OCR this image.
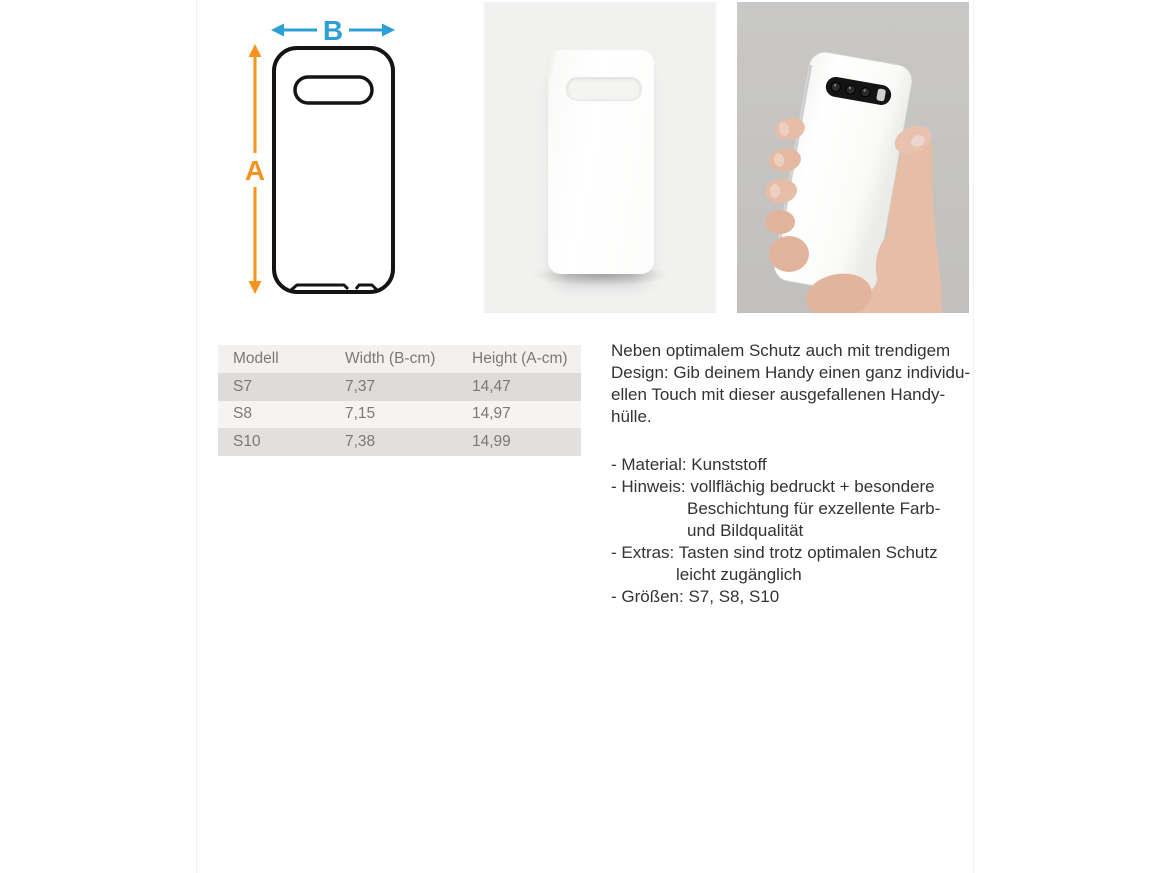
B
A
Modell	Width (B-cm)	Height (A-cm)
S7	7,37	14,47
S8	7,15	14,97
S10	7,38	14,99
Neben optimalem Schutz auch mit trendigem
Design: Gib deinem Handy einen ganz individu-
ellen Touch mit dieser ausgefallenen Handy-
hülle.
- Material: Kunststoff
- Hinweis: vollflächig bedruckt + besondere
Beschichtung für exzellente Farb-
und Bildqualität
- Extras: Tasten sind trotz optimalen Schutz
leicht zugänglich
- Größen: S7, S8, S10
